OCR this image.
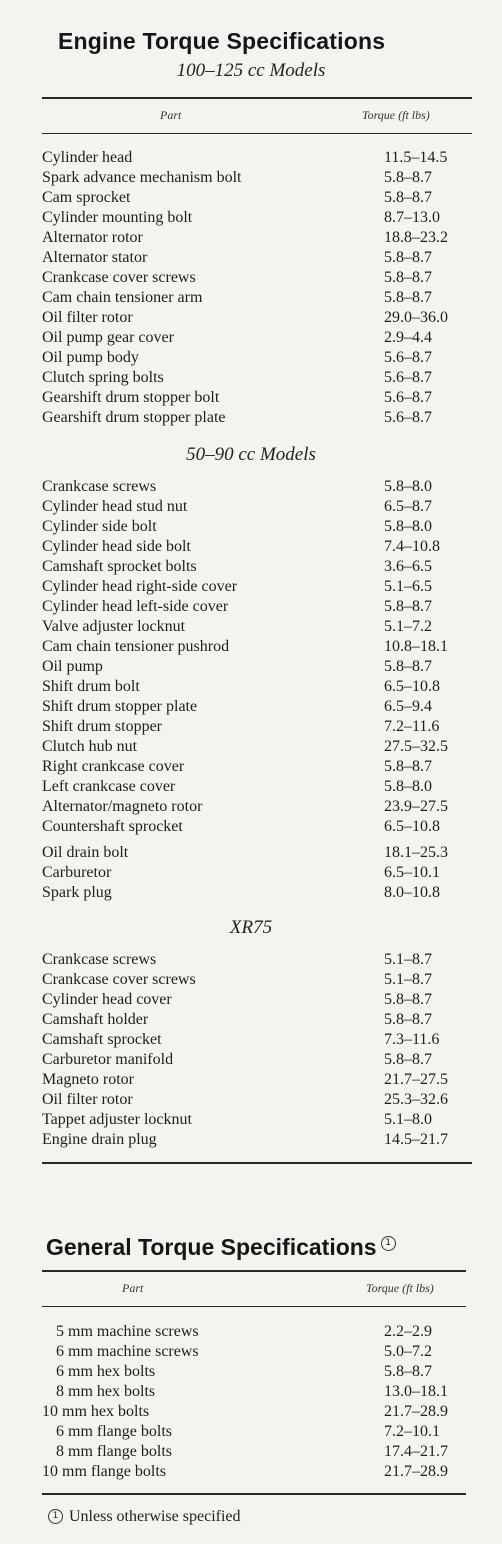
Engine Torque Specifications
100–125 cc Models
Part	Torque (ft lbs)
Cylinder head	11.5–14.5
Spark advance mechanism bolt	5.8–8.7
Cam sprocket	5.8–8.7
Cylinder mounting bolt	8.7–13.0
Alternator rotor	18.8–23.2
Alternator stator	5.8–8.7
Crankcase cover screws	5.8–8.7
Cam chain tensioner arm	5.8–8.7
Oil filter rotor	29.0–36.0
Oil pump gear cover	2.9–4.4
Oil pump body	5.6–8.7
Clutch spring bolts	5.6–8.7
Gearshift drum stopper bolt	5.6–8.7
Gearshift drum stopper plate	5.6–8.7
50–90 cc Models
Crankcase screws	5.8–8.0
Cylinder head stud nut	6.5–8.7
Cylinder side bolt	5.8–8.0
Cylinder head side bolt	7.4–10.8
Camshaft sprocket bolts	3.6–6.5
Cylinder head right-side cover	5.1–6.5
Cylinder head left-side cover	5.8–8.7
Valve adjuster locknut	5.1–7.2
Cam chain tensioner pushrod	10.8–18.1
Oil pump	5.8–8.7
Shift drum bolt	6.5–10.8
Shift drum stopper plate	6.5–9.4
Shift drum stopper	7.2–11.6
Clutch hub nut	27.5–32.5
Right crankcase cover	5.8–8.7
Left crankcase cover	5.8–8.0
Alternator/magneto rotor	23.9–27.5
Countershaft sprocket	6.5–10.8
Oil drain bolt	18.1–25.3
Carburetor	6.5–10.1
Spark plug	8.0–10.8
XR75
Crankcase screws	5.1–8.7
Crankcase cover screws	5.1–8.7
Cylinder head cover	5.8–8.7
Camshaft holder	5.8–8.7
Camshaft sprocket	7.3–11.6
Carburetor manifold	5.8–8.7
Magneto rotor	21.7–27.5
Oil filter rotor	25.3–32.6
Tappet adjuster locknut	5.1–8.0
Engine drain plug	14.5–21.7
General Torque Specifications 1
Part	Torque (ft lbs)
5 mm machine screws	2.2–2.9
6 mm machine screws	5.0–7.2
6 mm hex bolts	5.8–8.7
8 mm hex bolts	13.0–18.1
10 mm hex bolts	21.7–28.9
6 mm flange bolts	7.2–10.1
8 mm flange bolts	17.4–21.7
10 mm flange bolts	21.7–28.9
1 Unless otherwise specified
